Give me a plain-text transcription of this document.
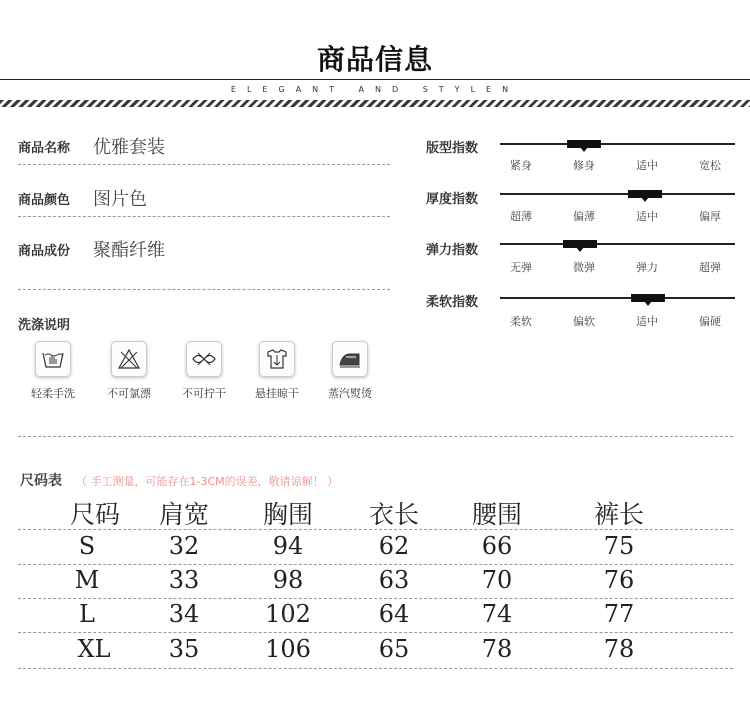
商品信息
ELEGANT AND STYLEN
商品名称 优雅套装
商品颜色 图片色
商品成份 聚酯纤维
洗涤说明
轻柔手洗	不可氯漂	不可拧干	悬挂晾干	蒸汽熨烫
版型指数
紧身	修身	适中	宽松
厚度指数
超薄	偏薄	适中	偏厚
弹力指数
无弹	微弹	弹力	超弹
柔软指数
柔软	偏软	适中	偏硬
尺码表 （ 手工测量，可能存在1-3CM的误差，敬请谅解！ ）
尺码	肩宽	胸围	衣长	腰围	裤长
S	32	94	62	66	75
M	33	98	63	70	76
L	34	102	64	74	77
XL	35	106	65	78	78
